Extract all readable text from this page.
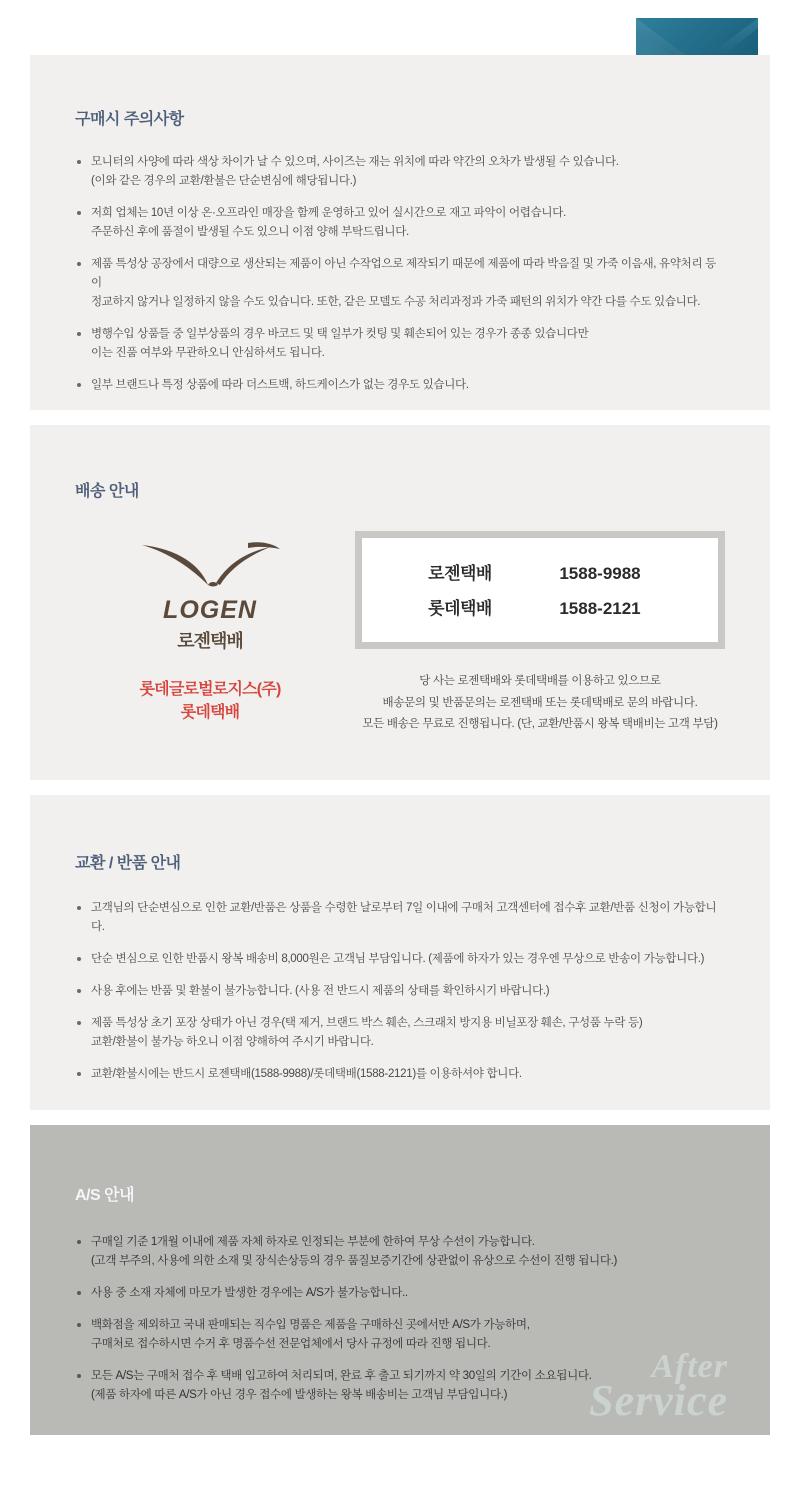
구매시 주의사항
모니터의 사양에 따라 색상 차이가 날 수 있으며, 사이즈는 재는 위치에 따라 약간의 오차가 발생될 수 있습니다.
(이와 같은 경우의 교환/환불은 단순변심에 해당됩니다.)
저희 업체는 10년 이상 온·오프라인 매장을 함께 운영하고 있어 실시간으로 재고 파악이 어렵습니다.
주문하신 후에 품절이 발생될 수도 있으니 이점 양해 부탁드립니다.
제품 특성상 공장에서 대량으로 생산되는 제품이 아닌 수작업으로 제작되기 때문에 제품에 따라 박음질 및 가죽 이음새, 유약처리 등이
정교하지 않거나 일정하지 않을 수도 있습니다. 또한, 같은 모델도 수공 처리과정과 가죽 패턴의 위치가 약간 다를 수도 있습니다.
병행수입 상품들 중 일부상품의 경우 바코드 및 택 일부가 컷팅 및 훼손되어 있는 경우가 종종 있습니다만
이는 진품 여부와 무관하오니 안심하셔도 됩니다.
일부 브랜드나 특정 상품에 따라 더스트백, 하드케이스가 없는 경우도 있습니다.
배송 안내
LOGEN
로젠택배
롯데글로벌로지스(주)
롯데택배
로젠택배	1588-9988
롯데택배	1588-2121
당 사는 로젠택배와 롯데택배를 이용하고 있으므로
배송문의 및 반품문의는 로젠택배 또는 롯데택배로 문의 바랍니다.
모든 배송은 무료로 진행됩니다. (단, 교환/반품시 왕복 택배비는 고객 부담)
교환 / 반품 안내
고객님의 단순변심으로 인한 교환/반품은 상품을 수령한 날로부터 7일 이내에 구매처 고객센터에 접수후 교환/반품 신청이 가능합니다.
단순 변심으로 인한 반품시 왕복 배송비 8,000원은 고객님 부담입니다. (제품에 하자가 있는 경우엔 무상으로 반송이 가능합니다.)
사용 후에는 반품 및 환불이 불가능합니다. (사용 전 반드시 제품의 상태를 확인하시기 바랍니다.)
제품 특성상 초기 포장 상태가 아닌 경우(택 제거, 브랜드 박스 훼손, 스크래치 방지용 비닐포장 훼손, 구성품 누락 등)
교환/환불이 불가능 하오니 이점 양해하여 주시기 바랍니다.
교환/환불시에는 반드시 로젠택배(1588-9988)/롯데택배(1588-2121)를 이용하셔야 합니다.
A/S 안내
구매일 기준 1개월 이내에 제품 자체 하자로 인정되는 부분에 한하여 무상 수선이 가능합니다.
(고객 부주의, 사용에 의한 소재 및 장식손상등의 경우 품질보증기간에 상관없이 유상으로 수선이 진행 됩니다.)
사용 중 소재 자체에 마모가 발생한 경우에는 A/S가 불가능합니다..
백화점을 제외하고 국내 판매되는 직수입 명품은 제품을 구매하신 곳에서만 A/S가 가능하며,
구매처로 접수하시면 수거 후 명품수선 전문업체에서 당사 규정에 따라 진행 됩니다.
모든 A/S는 구매처 접수 후 택배 입고하여 처리되며, 완료 후 출고 되기까지 약 30일의 기간이 소요됩니다.
(제품 하자에 따른 A/S가 아닌 경우 접수에 발생하는 왕복 배송비는 고객님 부담입니다.)
After
Service
